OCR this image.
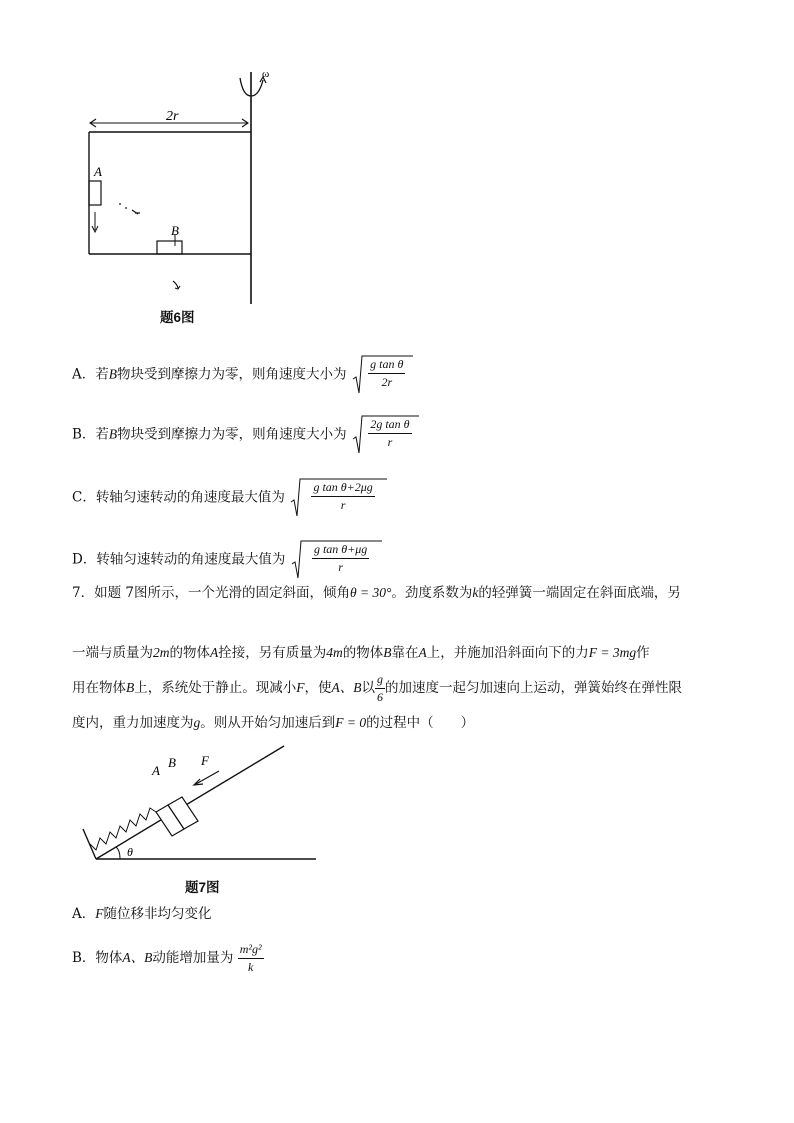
ω
2r
A
B
题6图
A．若B物块受到摩擦力为零，则角速度大小为 $\frac{\text{g tan θ}}{2r}$
B．若B物块受到摩擦力为零，则角速度大小为 $\frac{\text{2g tan θ}}{r}$
C．转轴匀速转动的角速度最大值为 $\frac{\text{g tan θ+2μg}}{r}$
D．转轴匀速转动的角速度最大值为 $\frac{\text{g tan θ+μg}}{r}$
7．如题 7图所示，一个光滑的固定斜面，倾角θ = 30°。劲度系数为k的轻弹簧一端固定在斜面底端，另
一端与质量为2m的物体A拴接，另有质量为4m的物体B靠在A上，并施加沿斜面向下的力F = 3mg作
用在物体B上，系统处于静止。现减小F，使A、B以 $\frac{g}{6}$ 的加速度一起匀加速向上运动，弹簧始终在弹性限
度内，重力加速度为g。则从开始匀加速后到F = 0的过程中（　　）
A
B F
θ
题7图
A．F随位移非均匀变化
B．物体A、B动能增加量为 $\frac{\text{m²g²}}{k}$
